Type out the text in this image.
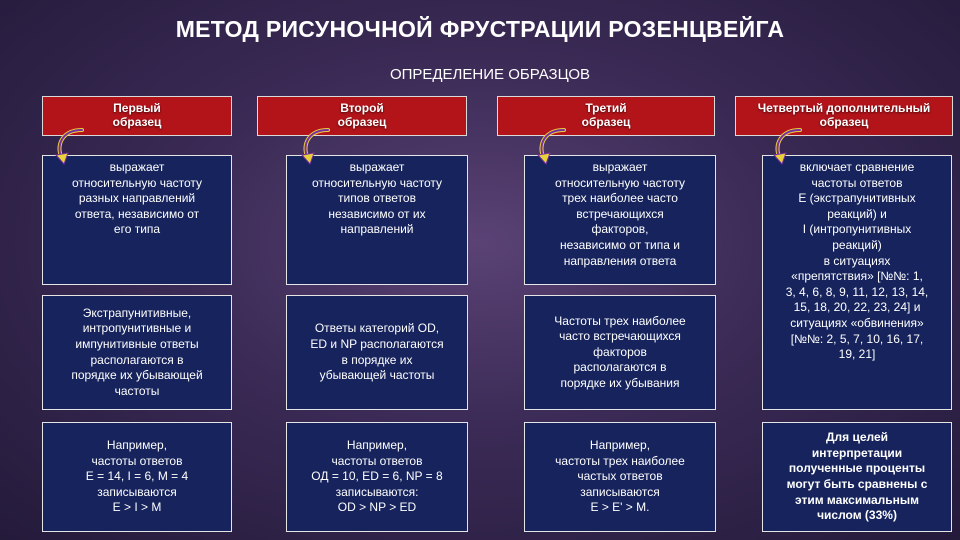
МЕТОД РИСУНОЧНОЙ ФРУСТРАЦИИ РОЗЕНЦВЕЙГА
ОПРЕДЕЛЕНИЕ ОБРАЗЦОВ
Первый
образец
выражает
относительную частоту
разных направлений
ответа, независимо от
его типа
Экстрапунитивные,
интропунитивные и
импунитивные ответы
располагаются в
порядке их убывающей
частоты
Например,
частоты ответов
Е = 14, I = 6, M = 4
записываются
E > I > M
Второй
образец
выражает
относительную частоту
типов ответов
независимо от их
направлений
Ответы категорий OD,
ED и NP располагаются
в порядке их
убывающей частоты
Например,
частоты ответов
ОД = 10, ED = 6, NP = 8
записываются:
OD > NP > ED
Третий
образец
выражает
относительную частоту
трех наиболее часто
встречающихся
факторов,
независимо от типа и
направления ответа
Частоты трех наиболее
часто встречающихся
факторов
располагаются в
порядке их убывания
Например,
частоты трех наиболее
частых ответов
записываются
E > E' > M.
Четвертый дополнительный
образец
включает сравнение
частоты ответов
Е (экстрапунитивных
реакций) и
I (интропунитивных
реакций)
в ситуациях
«препятствия» [№№: 1,
3, 4, 6, 8, 9, 11, 12, 13, 14,
15, 18, 20, 22, 23, 24] и
ситуациях «обвинения»
[№№: 2, 5, 7, 10, 16, 17,
19, 21]
Для целей
интерпретации
полученные проценты
могут быть сравнены с
этим максимальным
числом (33%)
